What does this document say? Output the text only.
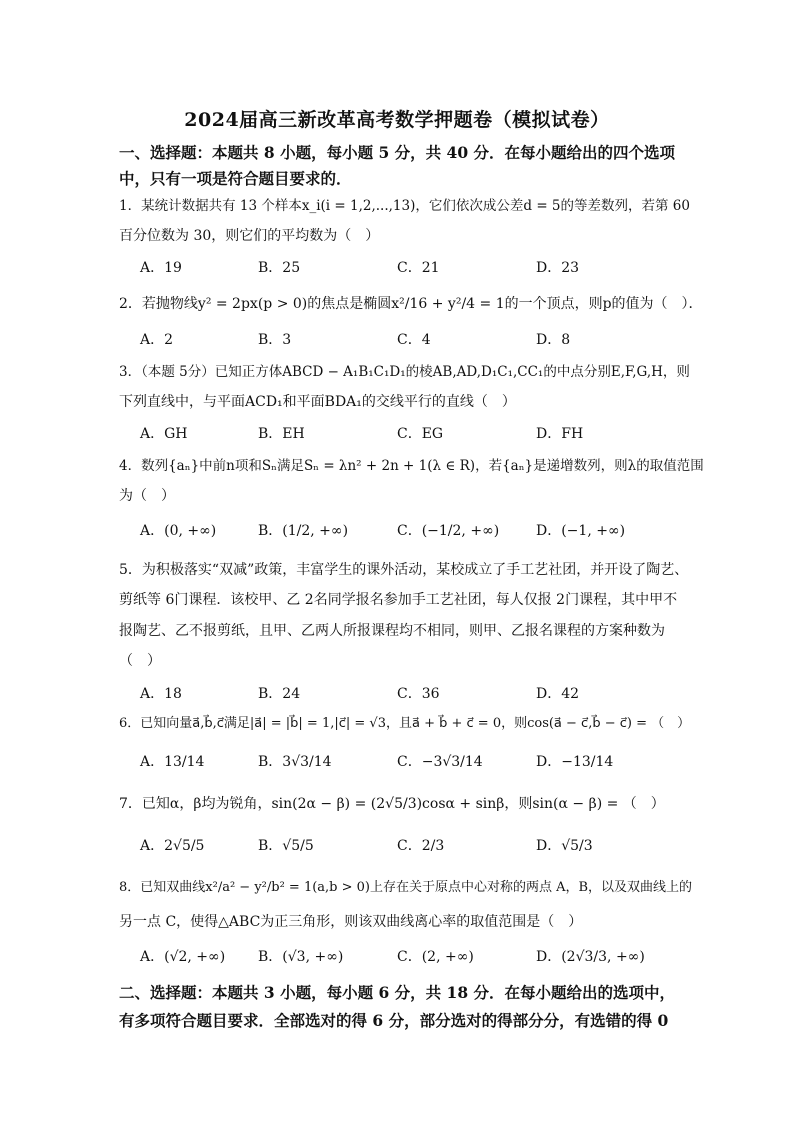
2024届高三新改革高考数学押题卷（模拟试卷）
一、选择题：本题共 8 小题，每小题 5 分，共 40 分．在每小题给出的四个选项
中，只有一项是符合题目要求的．
1．某统计数据共有 13 个样本x_i(i = 1,2,...,13)，它们依次成公差d = 5的等差数列，若第 60
百分位数为 30，则它们的平均数为（　）
A．19	B．25	C．21	D．23
2．若抛物线y² = 2px(p > 0)的焦点是椭圆x²/16 + y²/4 = 1的一个顶点，则p的值为（　）．
A．2	B．3	C．4	D．8
3．（本题 5分）已知正方体ABCD − A₁B₁C₁D₁的棱AB,AD,D₁C₁,CC₁的中点分别E,F,G,H，则
下列直线中，与平面ACD₁和平面BDA₁的交线平行的直线（　）
A．GH	B．EH	C．EG	D．FH
4．数列{aₙ}中前n项和Sₙ满足Sₙ = λn² + 2n + 1(λ ∈ R)，若{aₙ}是递增数列，则λ的取值范围
为（　）
A．(0, +∞)	B．(1/2, +∞)	C．(−1/2, +∞)	D．(−1, +∞)
5．为积极落实“双减”政策，丰富学生的课外活动，某校成立了手工艺社团，并开设了陶艺、
剪纸等 6门课程．该校甲、乙 2名同学报名参加手工艺社团，每人仅报 2门课程，其中甲不
报陶艺、乙不报剪纸，且甲、乙两人所报课程均不相同，则甲、乙报名课程的方案种数为
（　）
A．18	B．24	C．36	D．42
6．已知向量a⃗,b⃗,c⃗满足|a⃗| = |b⃗| = 1,|c⃗| = √3，且a⃗ + b⃗ + c⃗ = 0，则cos(a⃗ − c⃗,b⃗ − c⃗) = （　）
A．13/14	B．3√3/14	C．−3√3/14	D．−13/14
7．已知α，β均为锐角，sin(2α − β) = (2√5/3)cosα + sinβ，则sin(α − β) = （　）
A．2√5/5	B．√5/5	C．2/3	D．√5/3
8．已知双曲线x²/a² − y²/b² = 1(a,b > 0)上存在关于原点中心对称的两点 A，B，以及双曲线上的
另一点 C，使得△ABC为正三角形，则该双曲线离心率的取值范围是（　）
A．(√2, +∞) B．(√3, +∞)	C．(2, +∞)	D．(2√3/3, +∞)
二、选择题：本题共 3 小题，每小题 6 分，共 18 分．在每小题给出的选项中，
有多项符合题目要求．全部选对的得 6 分，部分选对的得部分分，有选错的得 0
